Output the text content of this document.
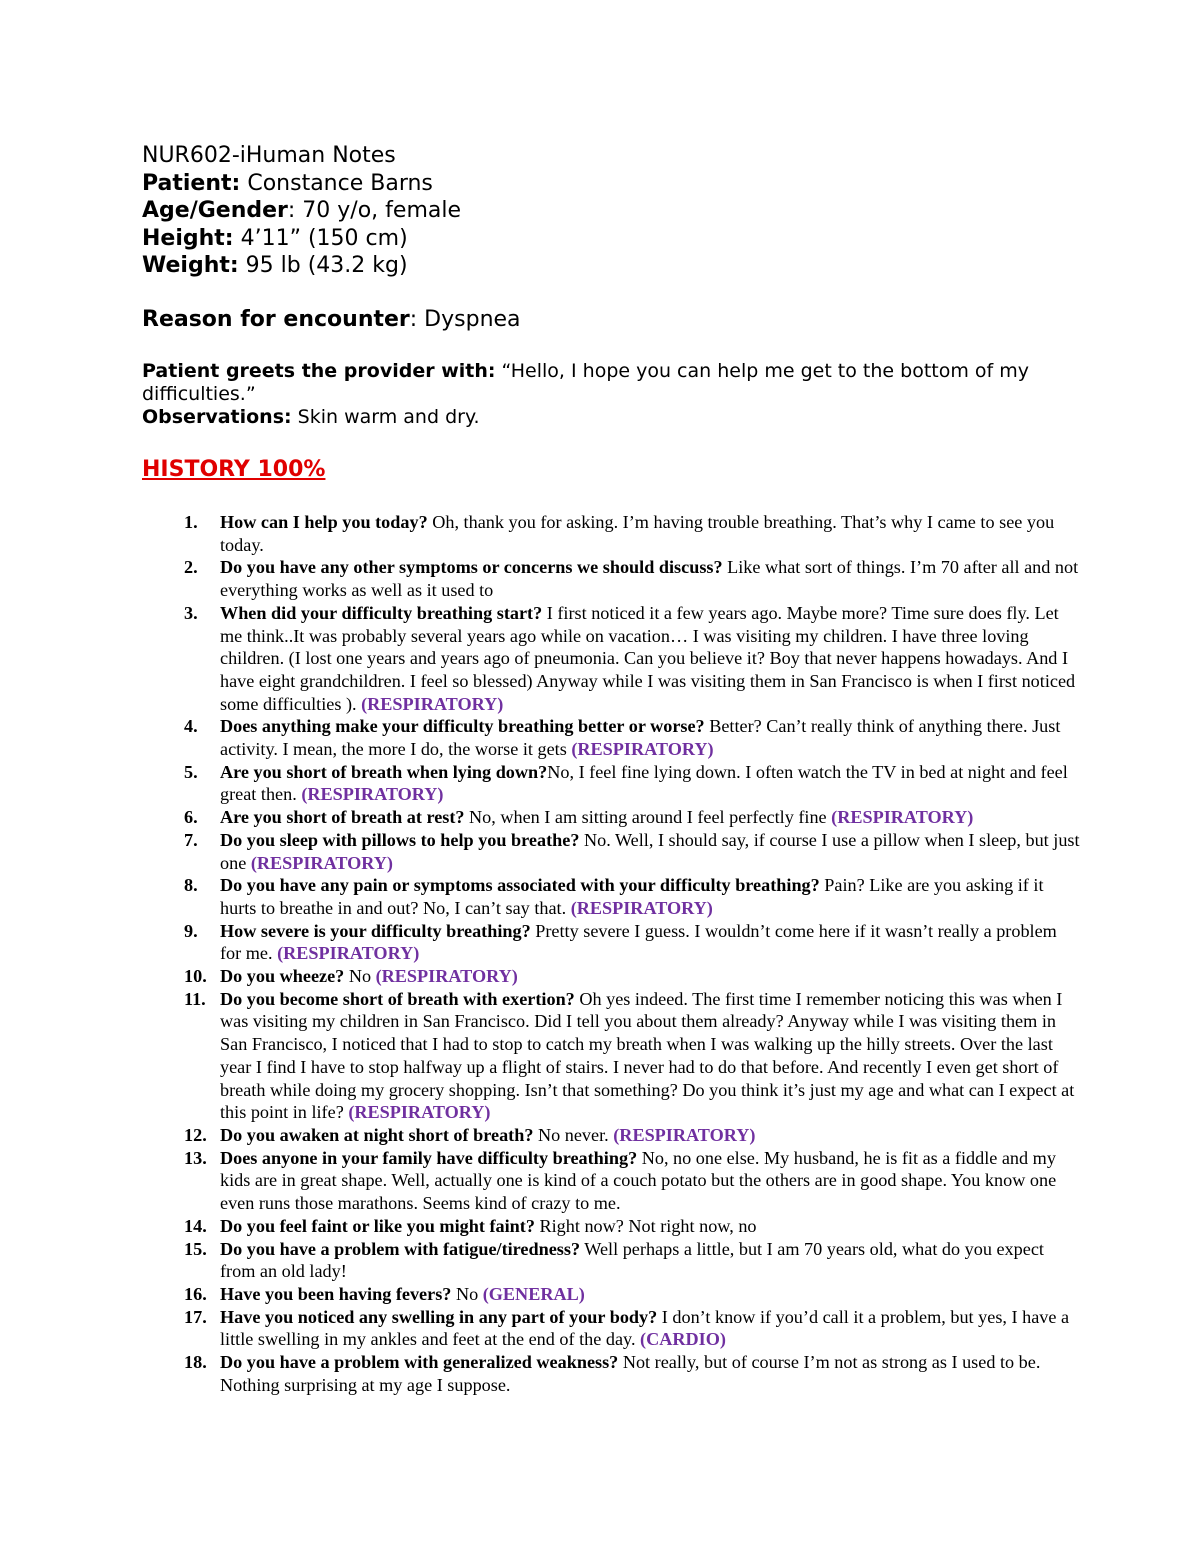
NUR602-iHuman Notes
Patient: Constance Barns
Age/Gender: 70 y/o, female
Height: 4’11” (150 cm)
Weight: 95 lb (43.2 kg)
Reason for encounter: Dyspnea
Patient greets the provider with: “Hello, I hope you can help me get to the bottom of my difficulties.”
Observations: Skin warm and dry.
HISTORY 100%
1. How can I help you today? Oh, thank you for asking. I’m having trouble breathing. That’s why I came to see you today.
2. Do you have any other symptoms or concerns we should discuss? Like what sort of things. I’m 70 after all and not everything works as well as it used to
3. When did your difficulty breathing start? I first noticed it a few years ago. Maybe more? Time sure does fly. Let me think..It was probably several years ago while on vacation… I was visiting my children. I have three loving children. (I lost one years and years ago of pneumonia. Can you believe it? Boy that never happens howadays. And I have eight grandchildren. I feel so blessed) Anyway while I was visiting them in San Francisco is when I first noticed some difficulties ). (RESPIRATORY)
4. Does anything make your difficulty breathing better or worse? Better? Can’t really think of anything there. Just activity. I mean, the more I do, the worse it gets (RESPIRATORY)
5. Are you short of breath when lying down?No, I feel fine lying down. I often watch the TV in bed at night and feel great then. (RESPIRATORY)
6. Are you short of breath at rest? No, when I am sitting around I feel perfectly fine (RESPIRATORY)
7. Do you sleep with pillows to help you breathe? No. Well, I should say, if course I use a pillow when I sleep, but just one (RESPIRATORY)
8. Do you have any pain or symptoms associated with your difficulty breathing? Pain? Like are you asking if it hurts to breathe in and out? No, I can’t say that. (RESPIRATORY)
9. How severe is your difficulty breathing? Pretty severe I guess. I wouldn’t come here if it wasn’t really a problem for me. (RESPIRATORY)
10. Do you wheeze? No (RESPIRATORY)
11. Do you become short of breath with exertion? Oh yes indeed. The first time I remember noticing this was when I was visiting my children in San Francisco. Did I tell you about them already? Anyway while I was visiting them in San Francisco, I noticed that I had to stop to catch my breath when I was walking up the hilly streets. Over the last year I find I have to stop halfway up a flight of stairs. I never had to do that before. And recently I even get short of breath while doing my grocery shopping. Isn’t that something? Do you think it’s just my age and what can I expect at this point in life? (RESPIRATORY)
12. Do you awaken at night short of breath? No never. (RESPIRATORY)
13. Does anyone in your family have difficulty breathing? No, no one else. My husband, he is fit as a fiddle and my kids are in great shape. Well, actually one is kind of a couch potato but the others are in good shape. You know one even runs those marathons. Seems kind of crazy to me.
14. Do you feel faint or like you might faint? Right now? Not right now, no
15. Do you have a problem with fatigue/tiredness? Well perhaps a little, but I am 70 years old, what do you expect from an old lady!
16. Have you been having fevers? No (GENERAL)
17. Have you noticed any swelling in any part of your body? I don’t know if you’d call it a problem, but yes, I have a little swelling in my ankles and feet at the end of the day. (CARDIO)
18. Do you have a problem with generalized weakness? Not really, but of course I’m not as strong as I used to be. Nothing surprising at my age I suppose.
